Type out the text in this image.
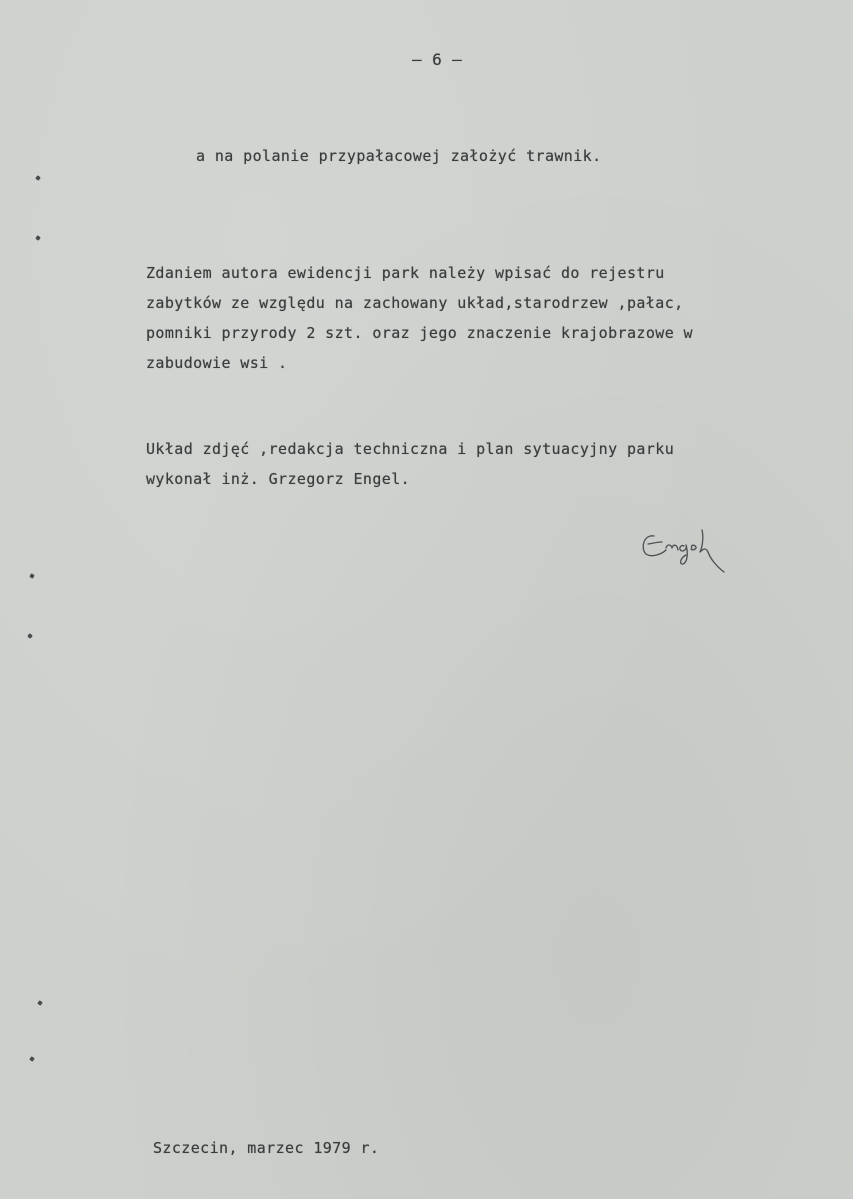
– 6 –
a na polanie przypałacowej założyć trawnik.
Zdaniem autora ewidencji park należy wpisać do rejestru
zabytków ze względu na zachowany układ,starodrzew ,pałac,
pomniki przyrody 2 szt. oraz jego znaczenie krajobrazowe w
zabudowie wsi .
Układ zdjęć ,redakcja techniczna i plan sytuacyjny parku
wykonał inż. Grzegorz Engel.
Szczecin, marzec 1979 r.
